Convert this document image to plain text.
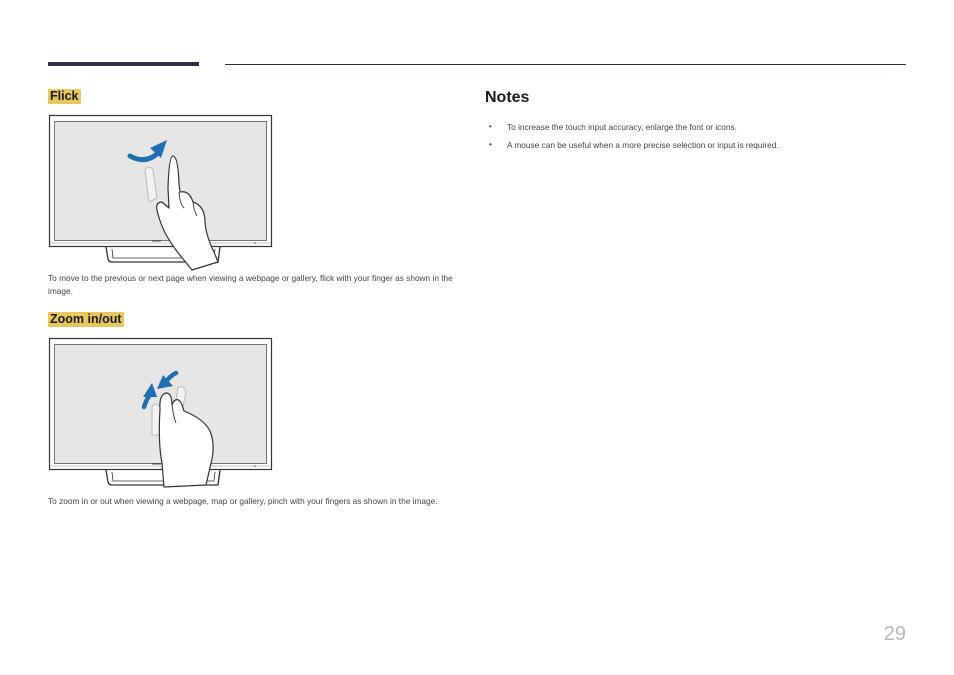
Flick
To move to the previous or next page when viewing a webpage or gallery, flick with your finger as shown in the image.
Zoom in/out
To zoom in or out when viewing a webpage, map or gallery, pinch with your fingers as shown in the image.
Notes
• To increase the touch input accuracy, enlarge the font or icons.
• A mouse can be useful when a more precise selection or input is required.
29
